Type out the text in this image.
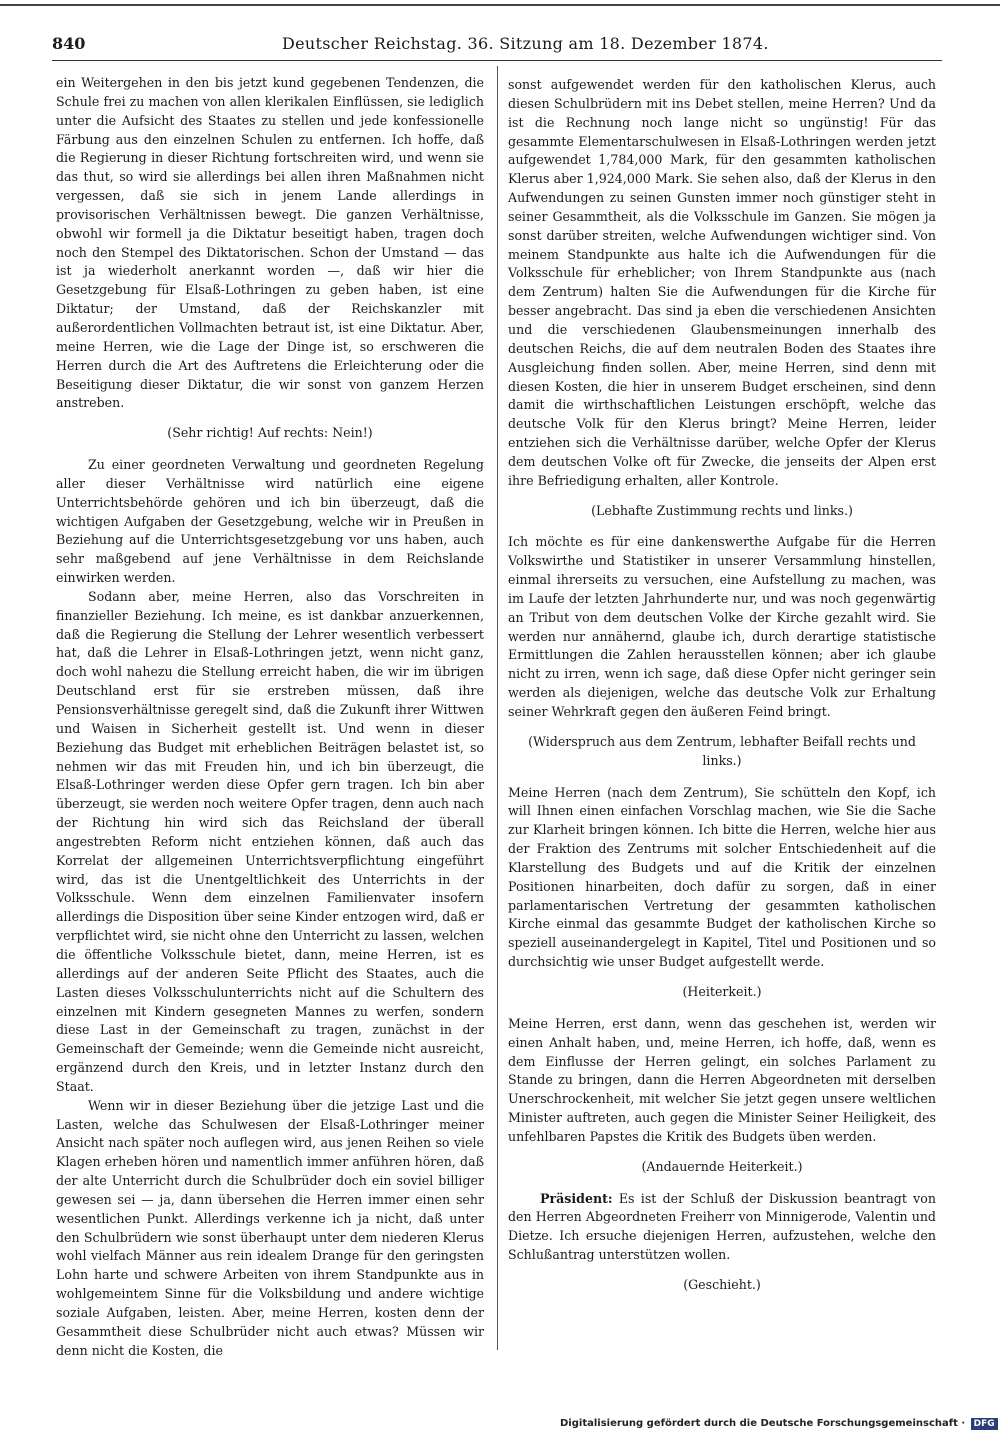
840	Deutscher Reichstag. 36. Sitzung am 18. Dezember 1874.

ein Weitergehen in den bis jetzt kund gegebenen Tendenzen, die Schule frei zu machen von allen klerikalen Einflüssen, sie lediglich unter die Aufsicht des Staates zu stellen und jede konfessionelle Färbung aus den einzelnen Schulen zu entfernen. Ich hoffe, daß die Regierung in dieser Richtung fortschreiten wird, und wenn sie das thut, so wird sie allerdings bei allen ihren Maßnahmen nicht vergessen, daß sie sich in jenem Lande allerdings in provisorischen Verhältnissen bewegt. Die ganzen Verhältnisse, obwohl wir formell ja die Diktatur beseitigt haben, tragen doch noch den Stempel des Diktatorischen. Schon der Umstand — das ist ja wiederholt anerkannt worden —, daß wir hier die Gesetzgebung für Elsaß-Lothringen zu geben haben, ist eine Diktatur; der Umstand, daß der Reichskanzler mit außerordentlichen Vollmachten betraut ist, ist eine Diktatur. Aber, meine Herren, wie die Lage der Dinge ist, so erschweren die Herren durch die Art des Auftretens die Erleichterung oder die Beseitigung dieser Diktatur, die wir sonst von ganzem Herzen anstreben.

(Sehr richtig! Auf rechts: Nein!)

Zu einer geordneten Verwaltung und geordneten Regelung aller dieser Verhältnisse wird natürlich eine eigene Unterrichtsbehörde gehören und ich bin überzeugt, daß die wichtigen Aufgaben der Gesetzgebung, welche wir in Preußen in Beziehung auf die Unterrichtsgesetzgebung vor uns haben, auch sehr maßgebend auf jene Verhältnisse in dem Reichslande einwirken werden.

Sodann aber, meine Herren, also das Vorschreiten in finanzieller Beziehung. Ich meine, es ist dankbar anzuerkennen, daß die Regierung die Stellung der Lehrer wesentlich verbessert hat, daß die Lehrer in Elsaß-Lothringen jetzt, wenn nicht ganz, doch wohl nahezu die Stellung erreicht haben, die wir im übrigen Deutschland erst für sie erstreben müssen, daß ihre Pensionsverhältnisse geregelt sind, daß die Zukunft ihrer Wittwen und Waisen in Sicherheit gestellt ist. Und wenn in dieser Beziehung das Budget mit erheblichen Beiträgen belastet ist, so nehmen wir das mit Freuden hin, und ich bin überzeugt, die Elsaß-Lothringer werden diese Opfer gern tragen. Ich bin aber überzeugt, sie werden noch weitere Opfer tragen, denn auch nach der Richtung hin wird sich das Reichsland der überall angestrebten Reform nicht entziehen können, daß auch das Korrelat der allgemeinen Unterrichtsverpflichtung eingeführt wird, das ist die Unentgeltlichkeit des Unterrichts in der Volksschule. Wenn dem einzelnen Familienvater insofern allerdings die Disposition über seine Kinder entzogen wird, daß er verpflichtet wird, sie nicht ohne den Unterricht zu lassen, welchen die öffentliche Volksschule bietet, dann, meine Herren, ist es allerdings auf der anderen Seite Pflicht des Staates, auch die Lasten dieses Volksschulunterrichts nicht auf die Schultern des einzelnen mit Kindern gesegneten Mannes zu werfen, sondern diese Last in der Gemeinschaft zu tragen, zunächst in der Gemeinschaft der Gemeinde; wenn die Gemeinde nicht ausreicht, ergänzend durch den Kreis, und in letzter Instanz durch den Staat.

Wenn wir in dieser Beziehung über die jetzige Last und die Lasten, welche das Schulwesen der Elsaß-Lothringer meiner Ansicht nach später noch auflegen wird, aus jenen Reihen so viele Klagen erheben hören und namentlich immer anführen hören, daß der alte Unterricht durch die Schulbrüder doch ein soviel billiger gewesen sei — ja, dann übersehen die Herren immer einen sehr wesentlichen Punkt. Allerdings verkenne ich ja nicht, daß unter den Schulbrüdern wie sonst überhaupt unter dem niederen Klerus wohl vielfach Männer aus rein idealem Drange für den geringsten Lohn harte und schwere Arbeiten von ihrem Standpunkte aus in wohlgemeintem Sinne für die Volksbildung und andere wichtige soziale Aufgaben, leisten. Aber, meine Herren, kosten denn der Gesammtheit diese Schulbrüder nicht auch etwas? Müssen wir denn nicht die Kosten, die

sonst aufgewendet werden für den katholischen Klerus, auch diesen Schulbrüdern mit ins Debet stellen, meine Herren? Und da ist die Rechnung noch lange nicht so ungünstig! Für das gesammte Elementarschulwesen in Elsaß-Lothringen werden jetzt aufgewendet 1,784,000 Mark, für den gesammten katholischen Klerus aber 1,924,000 Mark. Sie sehen also, daß der Klerus in den Aufwendungen zu seinen Gunsten immer noch günstiger steht in seiner Gesammtheit, als die Volksschule im Ganzen. Sie mögen ja sonst darüber streiten, welche Aufwendungen wichtiger sind. Von meinem Standpunkte aus halte ich die Aufwendungen für die Volksschule für erheblicher; von Ihrem Standpunkte aus (nach dem Zentrum) halten Sie die Aufwendungen für die Kirche für besser angebracht. Das sind ja eben die verschiedenen Ansichten und die verschiedenen Glaubensmeinungen innerhalb des deutschen Reichs, die auf dem neutralen Boden des Staates ihre Ausgleichung finden sollen. Aber, meine Herren, sind denn mit diesen Kosten, die hier in unserem Budget erscheinen, sind denn damit die wirthschaftlichen Leistungen erschöpft, welche das deutsche Volk für den Klerus bringt? Meine Herren, leider entziehen sich die Verhältnisse darüber, welche Opfer der Klerus dem deutschen Volke oft für Zwecke, die jenseits der Alpen erst ihre Befriedigung erhalten, aller Kontrole.

(Lebhafte Zustimmung rechts und links.)

Ich möchte es für eine dankenswerthe Aufgabe für die Herren Volkswirthe und Statistiker in unserer Versammlung hinstellen, einmal ihrerseits zu versuchen, eine Aufstellung zu machen, was im Laufe der letzten Jahrhunderte nur, und was noch gegenwärtig an Tribut von dem deutschen Volke der Kirche gezahlt wird. Sie werden nur annähernd, glaube ich, durch derartige statistische Ermittlungen die Zahlen herausstellen können; aber ich glaube nicht zu irren, wenn ich sage, daß diese Opfer nicht geringer sein werden als diejenigen, welche das deutsche Volk zur Erhaltung seiner Wehrkraft gegen den äußeren Feind bringt.

(Widerspruch aus dem Zentrum, lebhafter Beifall rechts und links.)

Meine Herren (nach dem Zentrum), Sie schütteln den Kopf, ich will Ihnen einen einfachen Vorschlag machen, wie Sie die Sache zur Klarheit bringen können. Ich bitte die Herren, welche hier aus der Fraktion des Zentrums mit solcher Entschiedenheit auf die Klarstellung des Budgets und auf die Kritik der einzelnen Positionen hinarbeiten, doch dafür zu sorgen, daß in einer parlamentarischen Vertretung der gesammten katholischen Kirche einmal das gesammte Budget der katholischen Kirche so speziell auseinandergelegt in Kapitel, Titel und Positionen und so durchsichtig wie unser Budget aufgestellt werde.

(Heiterkeit.)

Meine Herren, erst dann, wenn das geschehen ist, werden wir einen Anhalt haben, und, meine Herren, ich hoffe, daß, wenn es dem Einflusse der Herren gelingt, ein solches Parlament zu Stande zu bringen, dann die Herren Abgeordneten mit derselben Unerschrockenheit, mit welcher Sie jetzt gegen unsere weltlichen Minister auftreten, auch gegen die Minister Seiner Heiligkeit, des unfehlbaren Papstes die Kritik des Budgets üben werden.

(Andauernde Heiterkeit.)

Präsident: Es ist der Schluß der Diskussion beantragt von den Herren Abgeordneten Freiherr von Minnigerode, Valentin und Dietze. Ich ersuche diejenigen Herren, aufzustehen, welche den Schlußantrag unterstützen wollen.

(Geschieht.)

Digitalisierung gefördert durch die Deutsche Forschungsgemeinschaft · DFG
